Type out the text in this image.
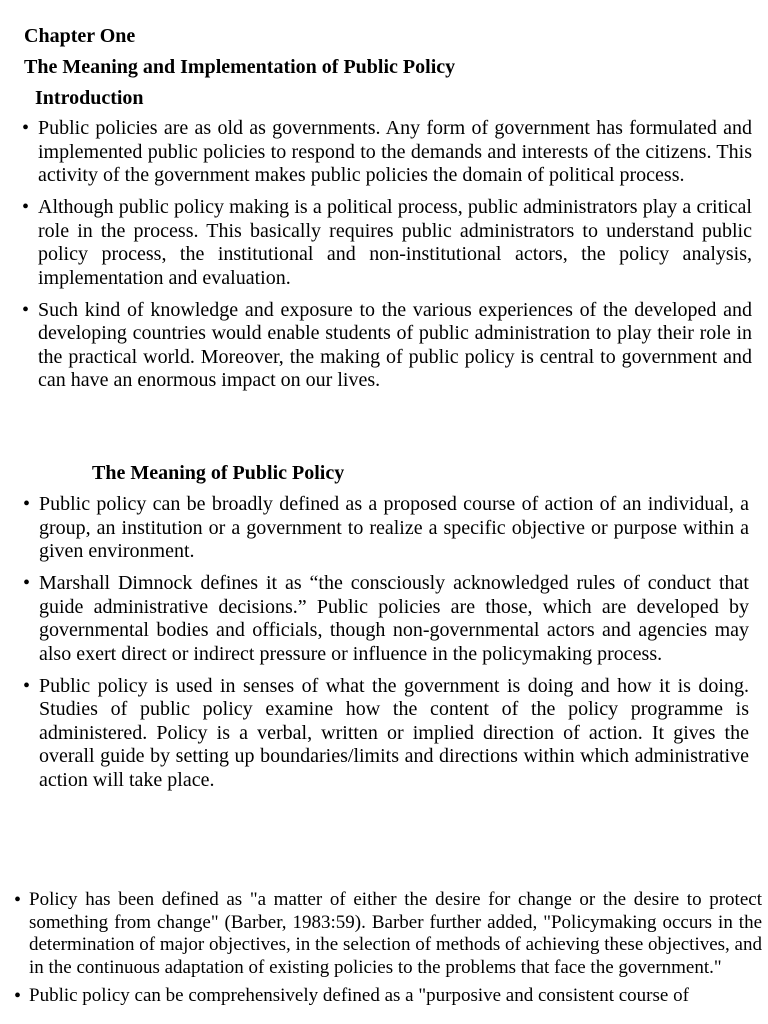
Chapter One
The Meaning and Implementation of Public Policy
Introduction
• Public policies are as old as governments. Any form of government has formulated and implemented public policies to respond to the demands and interests of the citizens. This activity of the government makes public policies the domain of political process.
• Although public policy making is a political process, public administrators play a critical role in the process. This basically requires public administrators to understand public policy process, the institutional and non-institutional actors, the policy analysis, implementation and evaluation.
• Such kind of knowledge and exposure to the various experiences of the developed and developing countries would enable students of public administration to play their role in the practical world. Moreover, the making of public policy is central to government and can have an enormous impact on our lives.
The Meaning of Public Policy
• Public policy can be broadly defined as a proposed course of action of an individual, a group, an institution or a government to realize a specific objective or purpose within a given environment.
• Marshall Dimnock defines it as “the consciously acknowledged rules of conduct that guide administrative decisions.” Public policies are those, which are developed by governmental bodies and officials, though non-governmental actors and agencies may also exert direct or indirect pressure or influence in the policymaking process.
• Public policy is used in senses of what the government is doing and how it is doing. Studies of public policy examine how the content of the policy programme is administered. Policy is a verbal, written or implied direction of action. It gives the overall guide by setting up boundaries/limits and directions within which administrative action will take place.
• Policy has been defined as "a matter of either the desire for change or the desire to protect something from change" (Barber, 1983:59). Barber further added, "Policymaking occurs in the determination of major objectives, in the selection of methods of achieving these objectives, and in the continuous adaptation of existing policies to the problems that face the government."
• Public policy can be comprehensively defined as a "purposive and consistent course of
